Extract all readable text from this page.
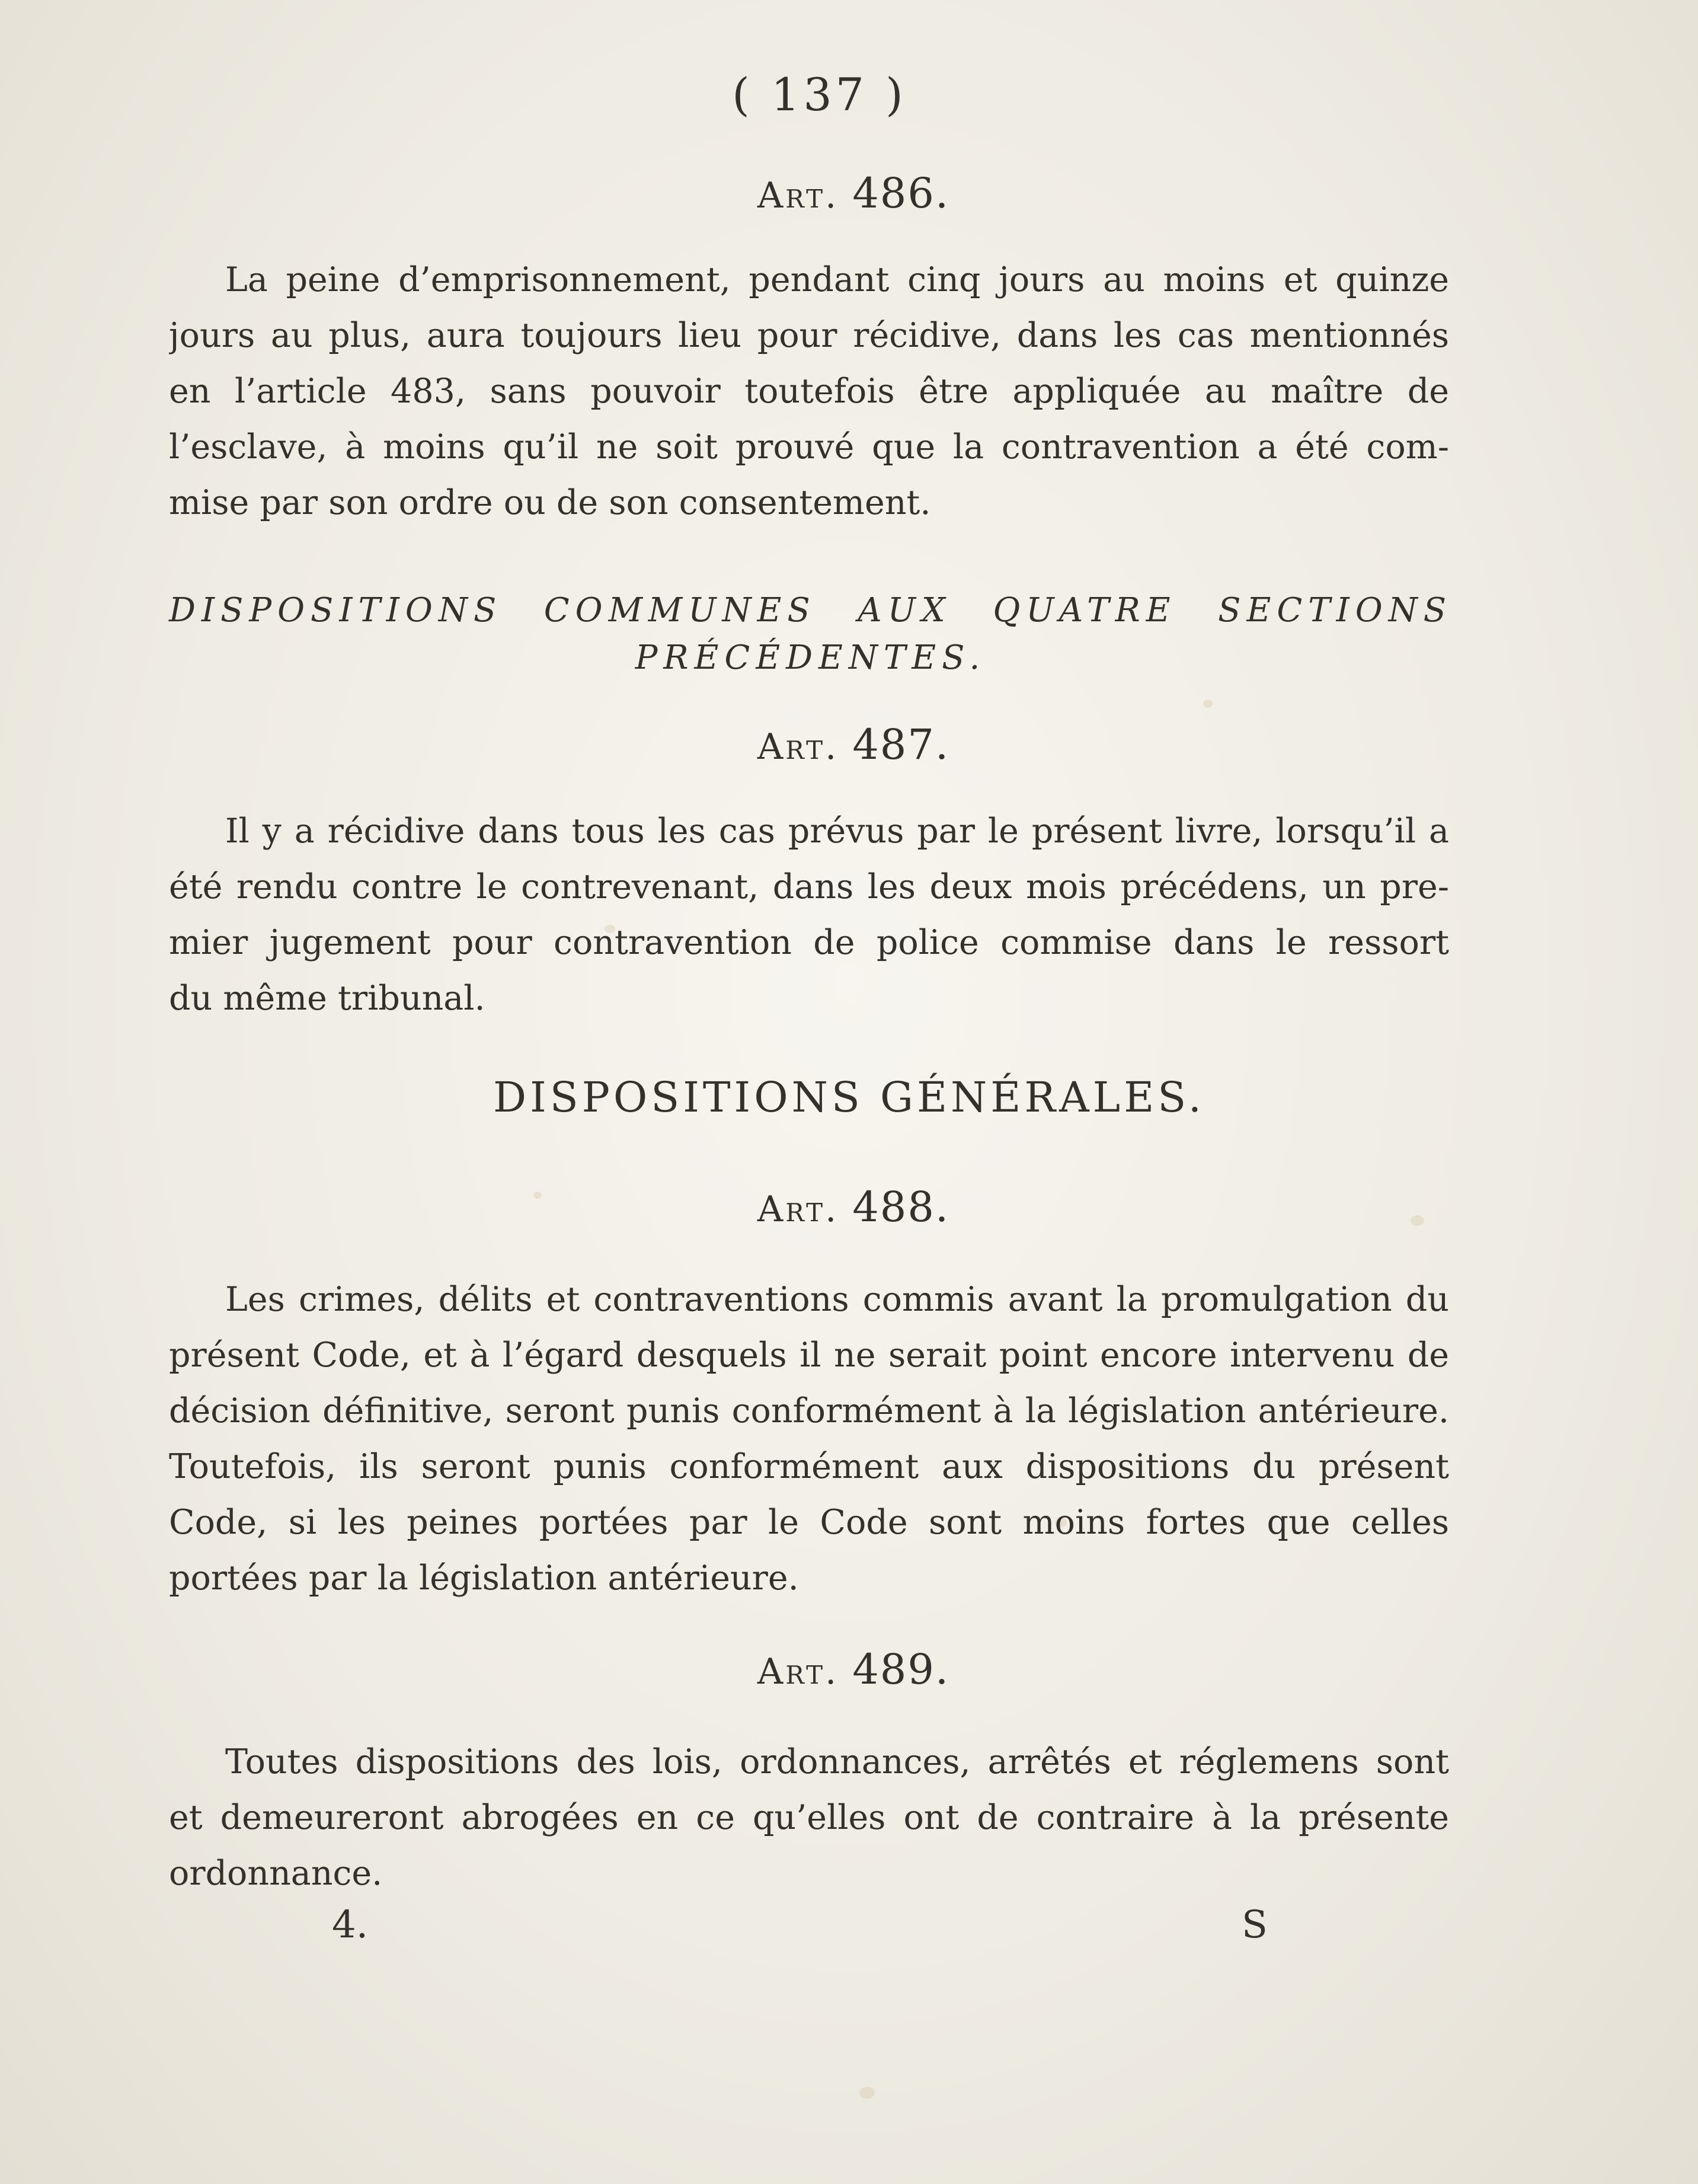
( 137 )
Art. 486.
La peine d’emprisonnement, pendant cinq jours au moins et quinze
jours au plus, aura toujours lieu pour récidive, dans les cas mentionnés
en l’article 483, sans pouvoir toutefois être appliquée au maître de
l’esclave, à moins qu’il ne soit prouvé que la contravention a été com-
mise par son ordre ou de son consentement.
DISPOSITIONS COMMUNES AUX QUATRE SECTIONS
PRÉCÉDENTES.
Art. 487.
Il y a récidive dans tous les cas prévus par le présent livre, lorsqu’il a
été rendu contre le contrevenant, dans les deux mois précédens, un pre-
mier jugement pour contravention de police commise dans le ressort
du même tribunal.
DISPOSITIONS GÉNÉRALES.
Art. 488.
Les crimes, délits et contraventions commis avant la promulgation du
présent Code, et à l’égard desquels il ne serait point encore intervenu de
décision définitive, seront punis conformément à la législation antérieure.
Toutefois, ils seront punis conformément aux dispositions du présent
Code, si les peines portées par le Code sont moins fortes que celles
portées par la législation antérieure.
Art. 489.
Toutes dispositions des lois, ordonnances, arrêtés et réglemens sont
et demeureront abrogées en ce qu’elles ont de contraire à la présente
ordonnance.
4.	S
